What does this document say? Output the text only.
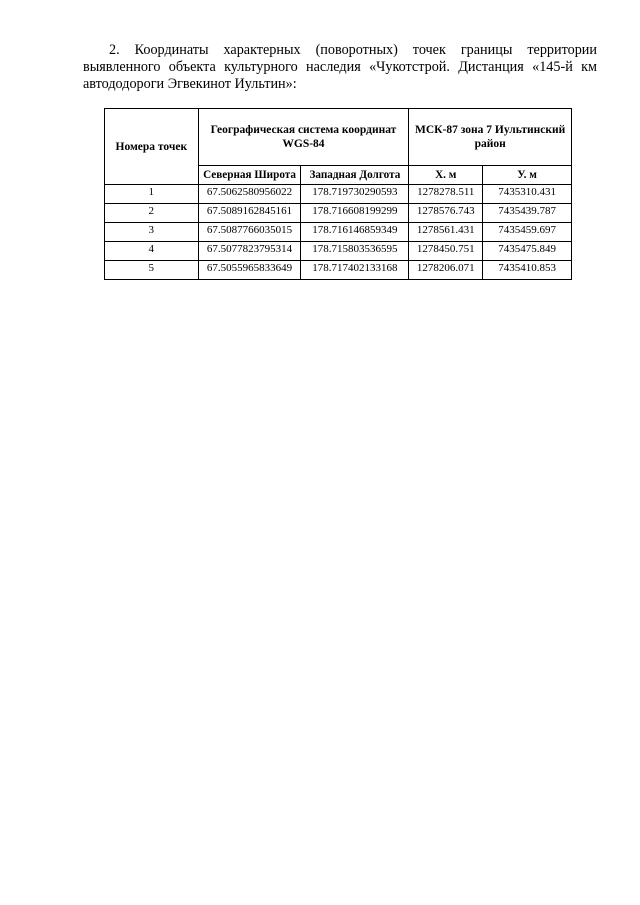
2. Координаты характерных (поворотных) точек границы территории выявленного объекта культурного наследия «Чукотстрой. Дистанция «145-й км автододороги Эгвекинот Иультин»:

Номера точек	Географическая система координат WGS-84		МСК-87 зона 7 Иультинский район	
	Северная Широта	Западная Долгота	Х. м	У. м
1	67.5062580956022	178.719730290593	1278278.511	7435310.431
2	67.5089162845161	178.716608199299	1278576.743	7435439.787
3	67.5087766035015	178.716146859349	1278561.431	7435459.697
4	67.5077823795314	178.715803536595	1278450.751	7435475.849
5	67.5055965833649	178.717402133168	1278206.071	7435410.853
